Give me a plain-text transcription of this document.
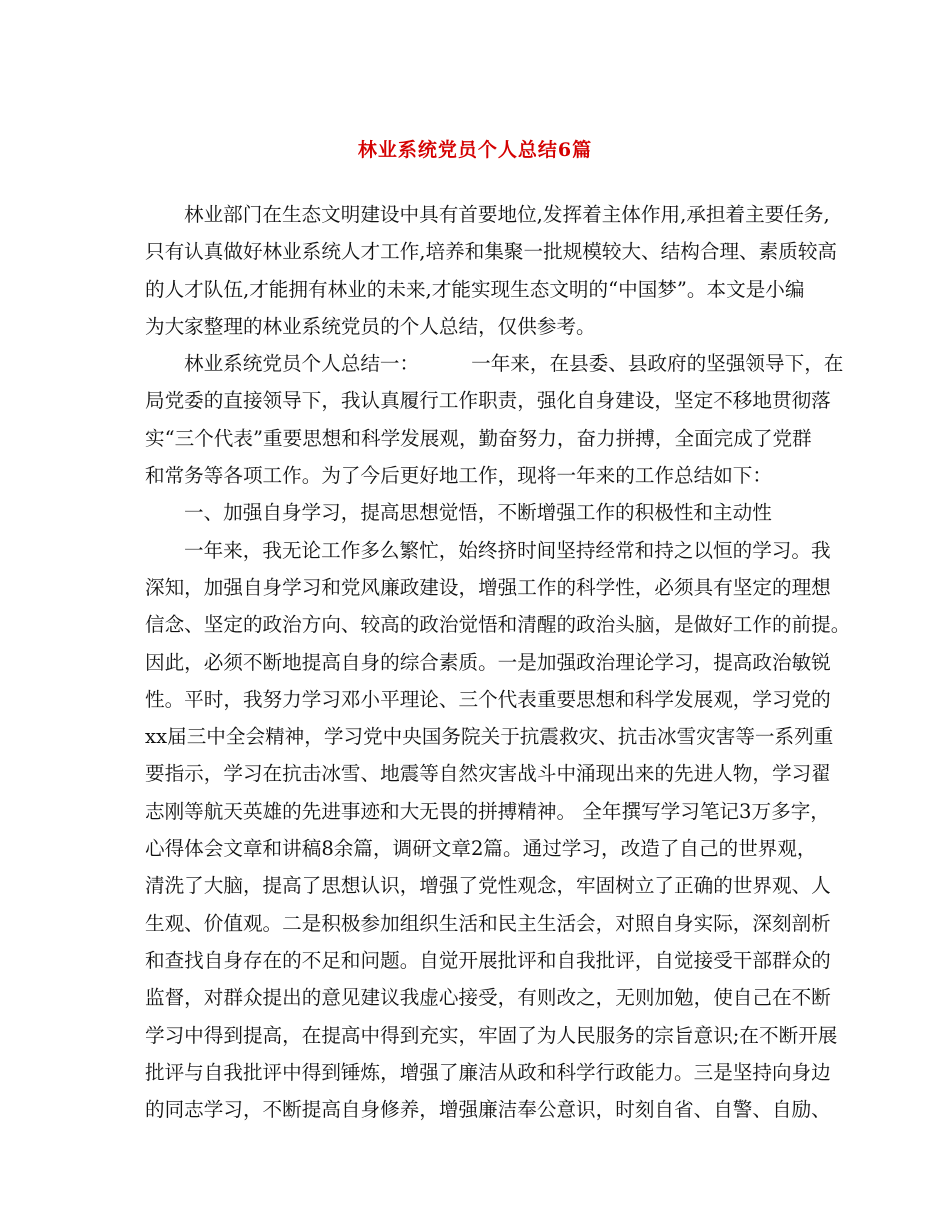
林业系统党员个人总结6篇
林业部门在生态文明建设中具有首要地位,发挥着主体作用,承担着主要任务,
只有认真做好林业系统人才工作,培养和集聚一批规模较大、结构合理、素质较高
的人才队伍,才能拥有林业的未来,才能实现生态文明的“中国梦”。本文是小编
为大家整理的林业系统党员的个人总结，仅供参考。
林业系统党员个人总结一：	一年来，在县委、县政府的坚强领导下，在
局党委的直接领导下，我认真履行工作职责，强化自身建设，坚定不移地贯彻落
实“三个代表”重要思想和科学发展观，勤奋努力，奋力拼搏，全面完成了党群
和常务等各项工作。为了今后更好地工作，现将一年来的工作总结如下：
一、加强自身学习，提高思想觉悟，不断增强工作的积极性和主动性
一年来，我无论工作多么繁忙，始终挤时间坚持经常和持之以恒的学习。我
深知，加强自身学习和党风廉政建设，增强工作的科学性，必须具有坚定的理想
信念、坚定的政治方向、较高的政治觉悟和清醒的政治头脑，是做好工作的前提。
因此，必须不断地提高自身的综合素质。一是加强政治理论学习，提高政治敏锐
性。平时，我努力学习邓小平理论、三个代表重要思想和科学发展观，学习党的
xx届三中全会精神，学习党中央国务院关于抗震救灾、抗击冰雪灾害等一系列重
要指示，学习在抗击冰雪、地震等自然灾害战斗中涌现出来的先进人物，学习翟
志刚等航天英雄的先进事迹和大无畏的拼搏精神。 全年撰写学习笔记3万多字，
心得体会文章和讲稿8余篇，调研文章2篇。通过学习，改造了自己的世界观，
清洗了大脑，提高了思想认识，增强了党性观念，牢固树立了正确的世界观、人
生观、价值观。二是积极参加组织生活和民主生活会，对照自身实际，深刻剖析
和查找自身存在的不足和问题。自觉开展批评和自我批评，自觉接受干部群众的
监督，对群众提出的意见建议我虚心接受，有则改之，无则加勉，使自己在不断
学习中得到提高，在提高中得到充实，牢固了为人民服务的宗旨意识;在不断开展
批评与自我批评中得到锤炼，增强了廉洁从政和科学行政能力。三是坚持向身边
的同志学习，不断提高自身修养，增强廉洁奉公意识，时刻自省、自警、自励、
